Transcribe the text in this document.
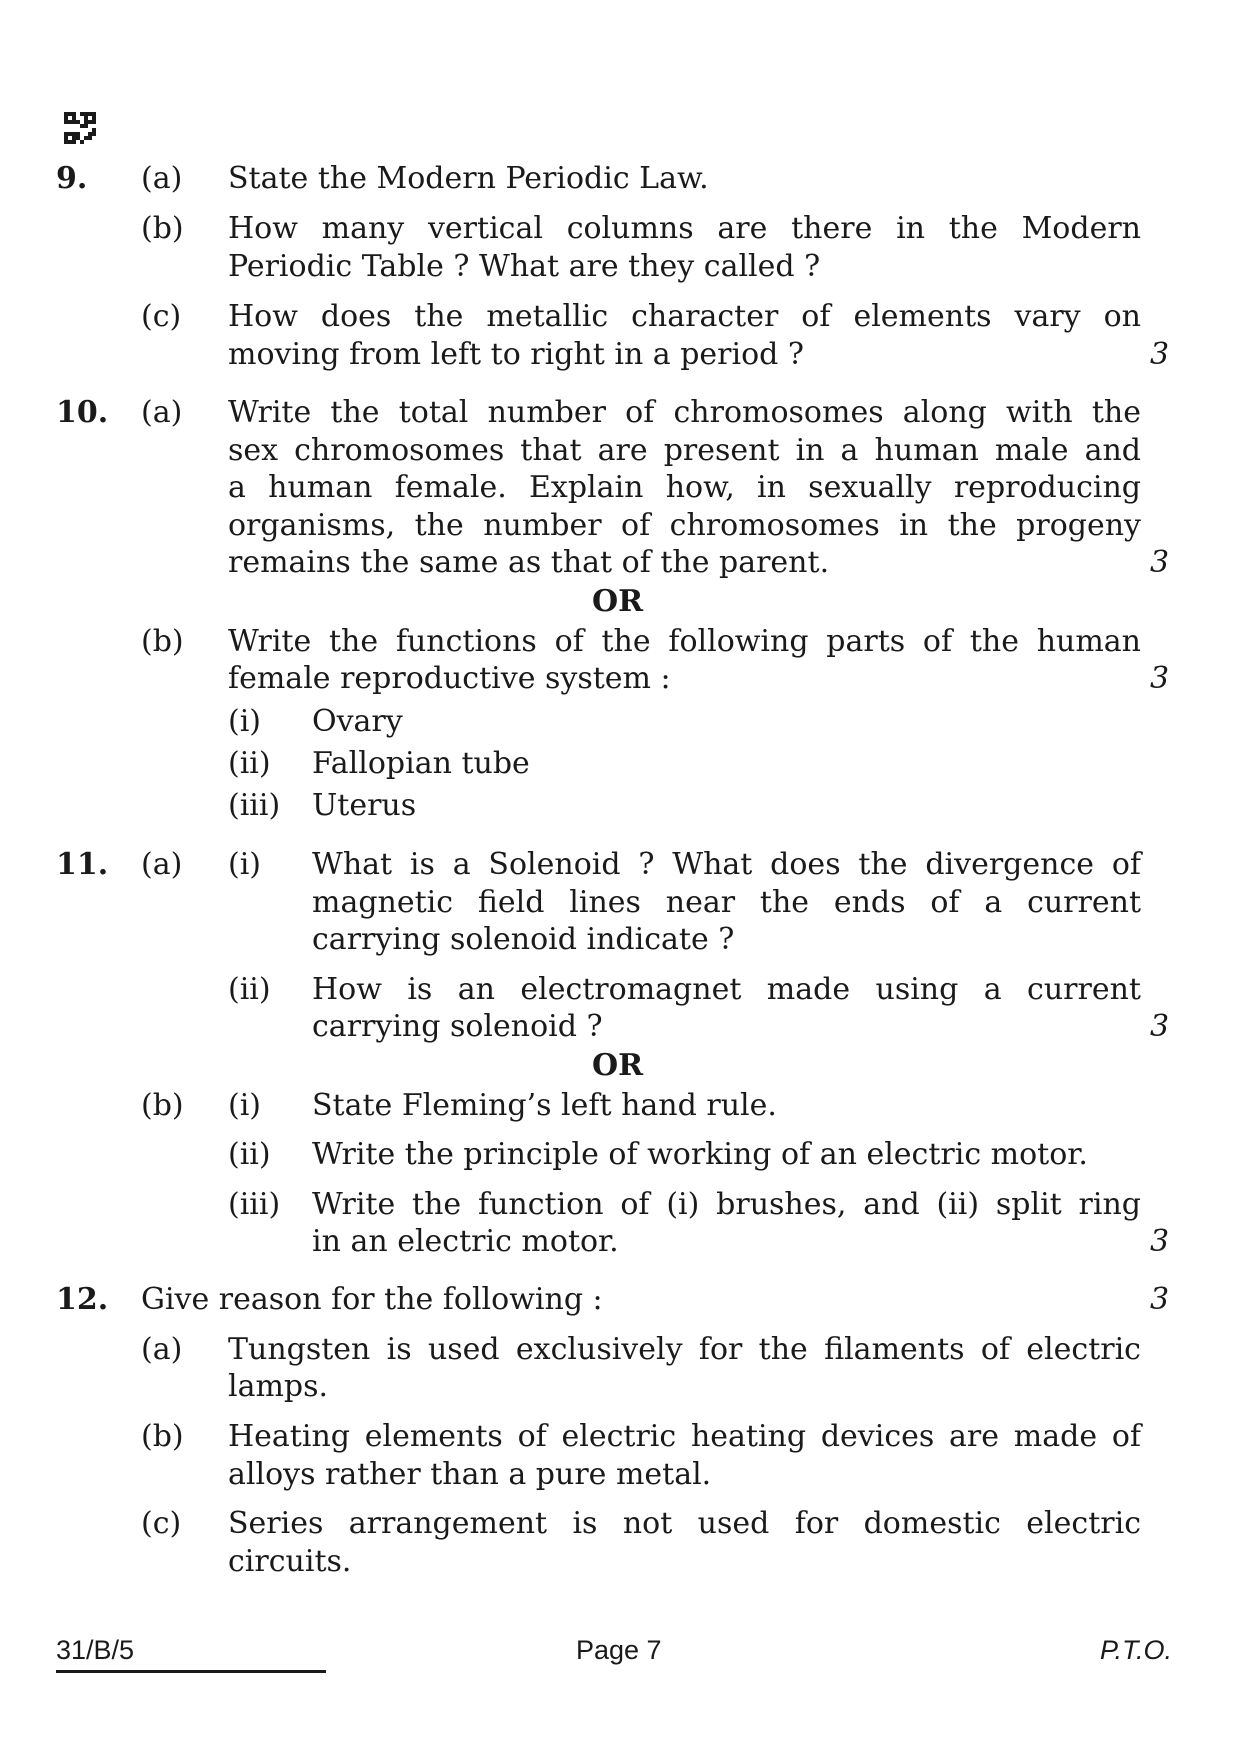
9. (a) State the Modern Periodic Law.
(b) How many vertical columns are there in the Modern
Periodic Table ? What are they called ?
(c) How does the metallic character of elements vary on
moving from left to right in a period ?	3
10. (a) Write the total number of chromosomes along with the
sex chromosomes that are present in a human male and
a human female. Explain how, in sexually reproducing
organisms, the number of chromosomes in the progeny
remains the same as that of the parent.	3
OR
(b) Write the functions of the following parts of the human
female reproductive system :	3
(i) Ovary
(ii) Fallopian tube
(iii) Uterus
11. (a) (i) What is a Solenoid ? What does the divergence of
magnetic field lines near the ends of a current
carrying solenoid indicate ?
(ii) How is an electromagnet made using a current
carrying solenoid ?	3
OR
(b) (i) State Fleming’s left hand rule.
(ii) Write the principle of working of an electric motor.
(iii) Write the function of (i) brushes, and (ii) split ring
in an electric motor.	3
12. Give reason for the following :	3
(a) Tungsten is used exclusively for the filaments of electric
lamps.
(b) Heating elements of electric heating devices are made of
alloys rather than a pure metal.
(c) Series arrangement is not used for domestic electric
circuits.
31/B/5	Page 7	P.T.O.
